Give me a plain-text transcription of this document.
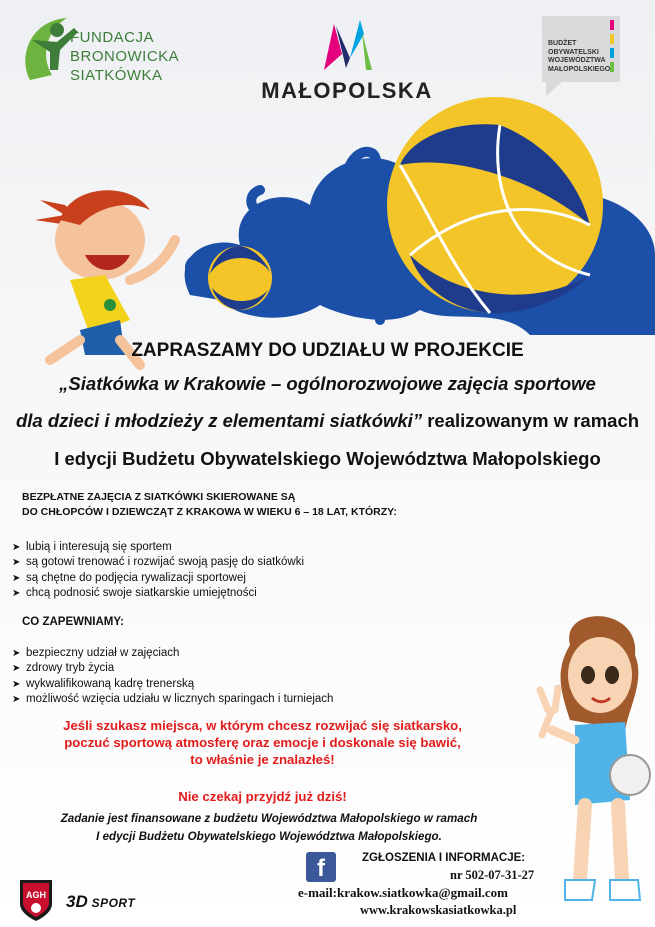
FUNDACJA
BRONOWICKA
SIATKÓWKA
MAŁOPOLSKA
BUDŻET
OBYWATELSKI
WOJEWÓDZTWA
MAŁOPOLSKIEGO
ZAPRASZAMY DO UDZIAŁU W PROJEKCIE
„Siatkówka w Krakowie – ogólnorozwojowe zajęcia sportowe
dla dzieci i młodzieży z elementami siatkówki” realizowanym w ramach
I edycji Budżetu Obywatelskiego Województwa Małopolskiego
BEZPŁATNE ZAJĘCIA Z SIATKÓWKI SKIEROWANE SĄ
DO CHŁOPCÓW I DZIEWCZĄT Z KRAKOWA W WIEKU 6 – 18 LAT, KTÓRZY:
➤ lubią i interesują się sportem
➤ są gotowi trenować i rozwijać swoją pasję do siatkówki
➤ są chętne do podjęcia rywalizacji sportowej
➤ chcą podnosić swoje siatkarskie umiejętności
CO ZAPEWNIAMY:
➤ bezpieczny udział w zajęciach
➤ zdrowy tryb życia
➤ wykwalifikowaną kadrę trenerską
➤ możliwość wzięcia udziału w licznych sparingach i turniejach
Jeśli szukasz miejsca, w którym chcesz rozwijać się siatkarsko,
poczuć sportową atmosferę oraz emocje i doskonale się bawić,
to właśnie je znalazłeś!
Nie czekaj przyjdź już dziś!
Zadanie jest finansowane z budżetu Województwa Małopolskiego w ramach
I edycji Budżetu Obywatelskiego Województwa Małopolskiego.
f	ZGŁOSZENIA I INFORMACJE:
nr 502-07-31-27
e-mail:krakow.siatkowka@gmail.com
www.krakowskasiatkowka.pl
AGH 3D SPORT
